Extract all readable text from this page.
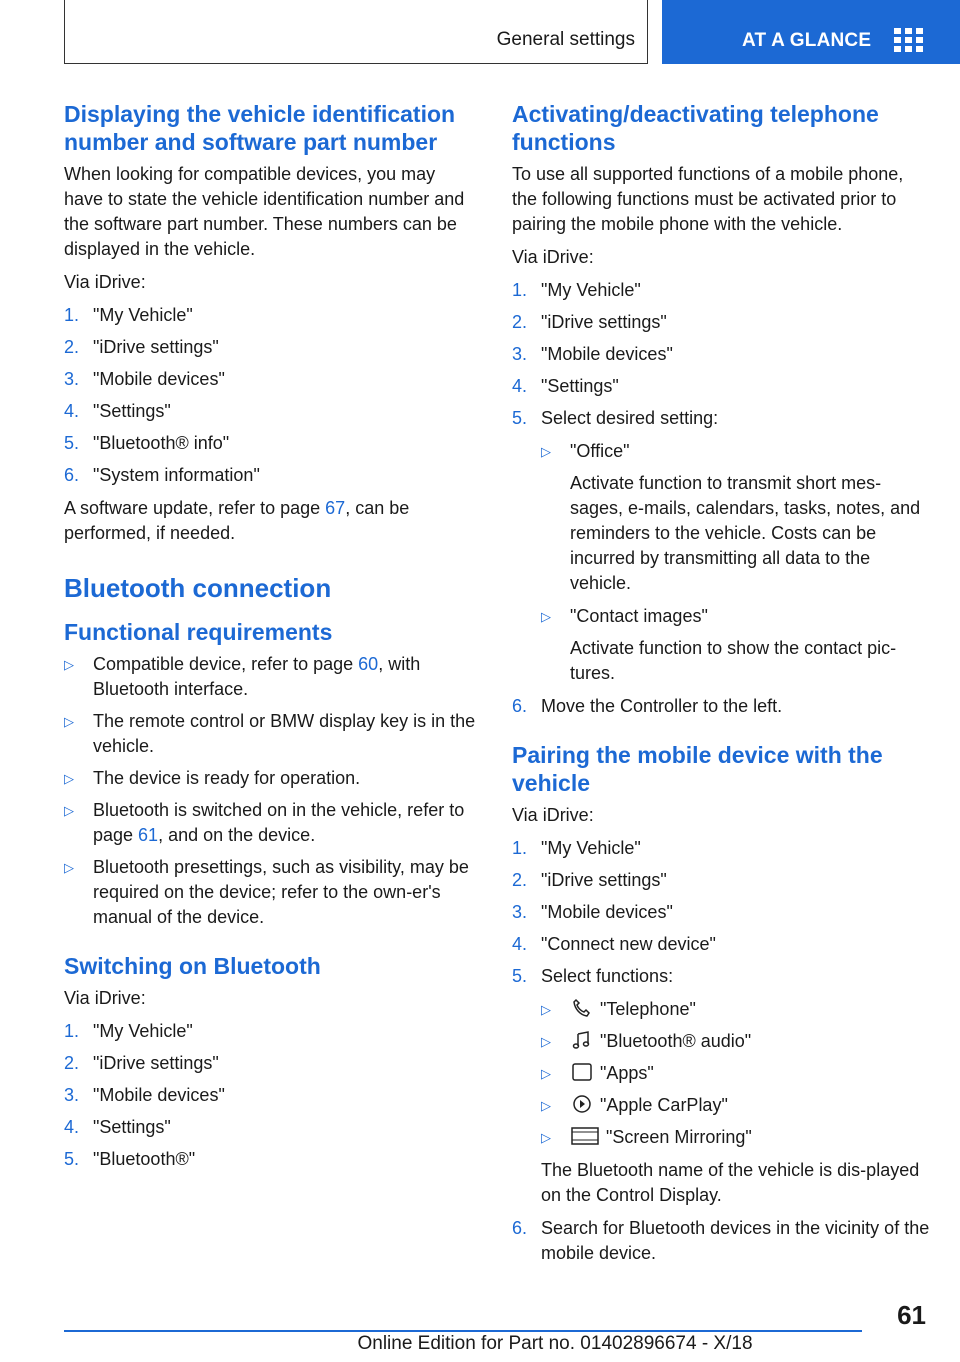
General settings	AT A GLANCE
Displaying the vehicle identification number and software part number

When looking for compatible devices, you may have to state the vehicle identification number and the software part number. These numbers can be displayed in the vehicle.

Via iDrive:

1. "My Vehicle"
2. "iDrive settings"
3. "Mobile devices"
4. "Settings"
5. "Bluetooth® info"
6. "System information"

A software update, refer to page 67, can be performed, if needed.

Bluetooth connection
Functional requirements
▷	Compatible device, refer to page 60, with Bluetooth interface.
▷	The remote control or BMW display key is in the vehicle.
▷	The device is ready for operation.
▷	Bluetooth is switched on in the vehicle, refer to page 61, and on the device.
▷	Bluetooth presettings, such as visibility, may be required on the device; refer to the own-er's manual of the device.
Switching on Bluetooth

Via iDrive:

1. "My Vehicle"
2. "iDrive settings"
3. "Mobile devices"
4. "Settings"
5. "Bluetooth®"
Activating/deactivating telephone functions

To use all supported functions of a mobile phone, the following functions must be activated prior to pairing the mobile phone with the vehicle.

Via iDrive:

1. "My Vehicle"
2. "iDrive settings"
3. "Mobile devices"
4. "Settings"
5. Select desired setting:
▷	"Office"
Activate function to transmit short mes-sages, e-mails, calendars, tasks, notes, and reminders to the vehicle. Costs can be incurred by transmitting all data to the vehicle.
▷	"Contact images"
Activate function to show the contact pic-tures.
6. Move the Controller to the left.
Pairing the mobile device with the vehicle

Via iDrive:

1. "My Vehicle"
2. "iDrive settings"
3. "Mobile devices"
4. "Connect new device"
5. Select functions:
▷	"Telephone"
▷	"Bluetooth® audio"
▷	"Apps"
▷	"Apple CarPlay"
▷	"Screen Mirroring"

The Bluetooth name of the vehicle is dis-played on the Control Display.

6. Search for Bluetooth devices in the vicinity of the mobile device.
61
Online Edition for Part no. 01402896674 - X/18
